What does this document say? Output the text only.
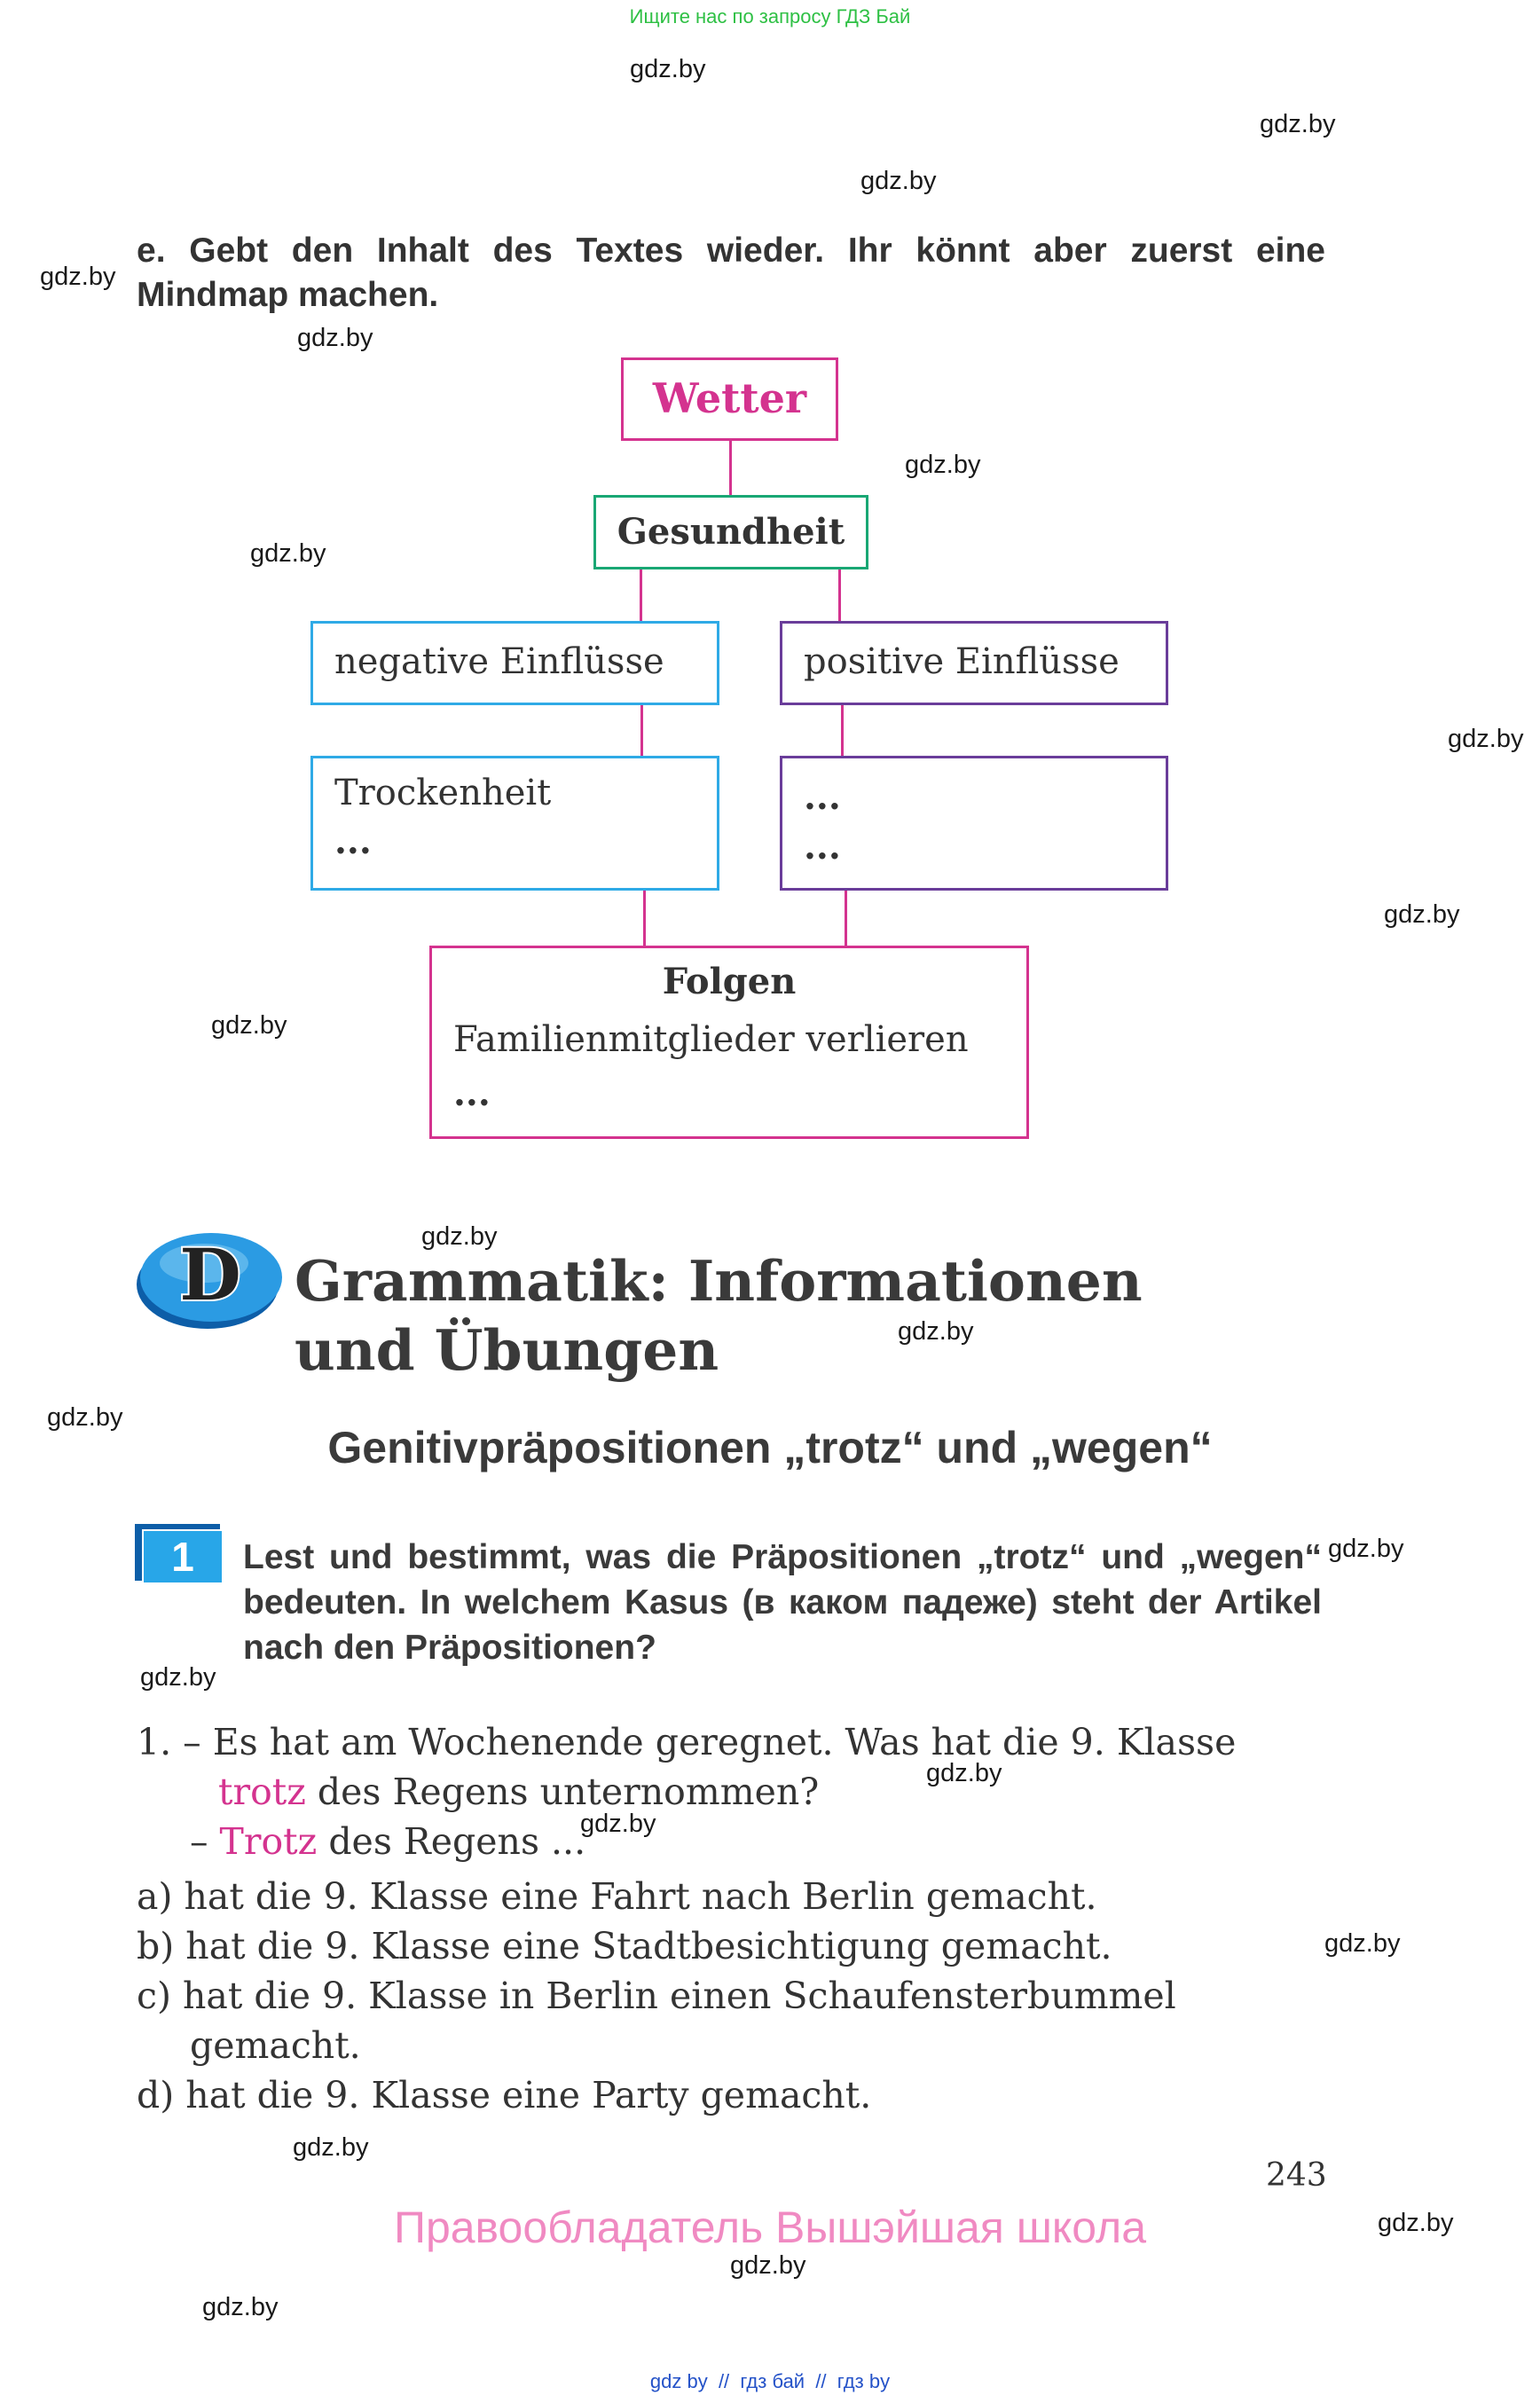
Ищите нас по запросу ГДЗ Бай
gdz.by
gdz.by
gdz.by
gdz.by
gdz.by
gdz.by
gdz.by
gdz.by
gdz.by
gdz.by
gdz.by
gdz.by
gdz.by
gdz.by
gdz.by
gdz.by
gdz.by
gdz.by
gdz.by
gdz.by
gdz.by
gdz.by
e. Gebt den Inhalt des Textes wieder. Ihr könnt aber zuerst eine Mindmap machen.
Wetter
Gesundheit
negative Einflüsse	positive Einflüsse
Trockenheit
...
...
...
Folgen
Familienmitglieder verlieren
...
D Grammatik: Informationen
und Übungen
Genitivpräpositionen „trotz“ und „wegen“
1	Lest und bestimmt, was die Präpositionen „trotz“ und „wegen“ bedeuten. In welchem Kasus (в каком падеже) steht der Artikel nach den Präpositionen?
1. – Es hat am Wochenende geregnet. Was hat die 9. Klasse
trotz des Regens unternommen?
– Trotz des Regens ...
a) hat die 9. Klasse eine Fahrt nach Berlin gemacht.
b) hat die 9. Klasse eine Stadtbesichtigung gemacht.
c) hat die 9. Klasse in Berlin einen Schaufensterbummel
gemacht.
d) hat die 9. Klasse eine Party gemacht.
243
Правообладатель Вышэйшая школа
gdz by  //  гдз бай  //  гдз by
